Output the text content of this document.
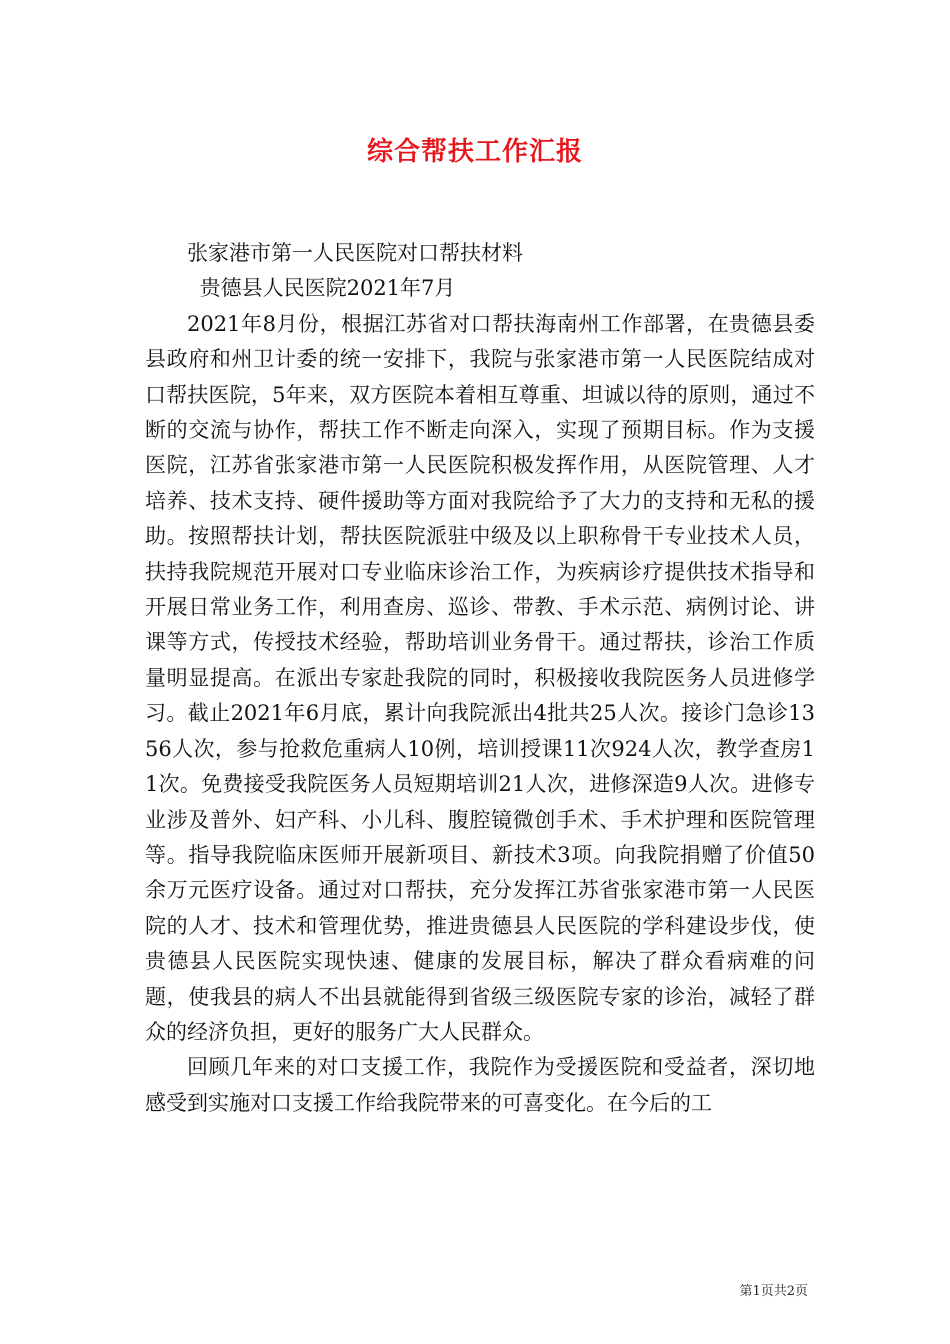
综合帮扶工作汇报

张家港市第一人民医院对口帮扶材料

贵德县人民医院2021年7月

2021年8月份，根据江苏省对口帮扶海南州工作部署，在贵德县委县政府和州卫计委的统一安排下，我院与张家港市第一人民医院结成对口帮扶医院，5年来，双方医院本着相互尊重、坦诚以待的原则，通过不断的交流与协作，帮扶工作不断走向深入，实现了预期目标。作为支援医院，江苏省张家港市第一人民医院积极发挥作用，从医院管理、人才培养、技术支持、硬件援助等方面对我院给予了大力的支持和无私的援助。按照帮扶计划，帮扶医院派驻中级及以上职称骨干专业技术人员，扶持我院规范开展对口专业临床诊治工作，为疾病诊疗提供技术指导和开展日常业务工作，利用查房、巡诊、带教、手术示范、病例讨论、讲课等方式，传授技术经验，帮助培训业务骨干。通过帮扶，诊治工作质量明显提高。在派出专家赴我院的同时，积极接收我院医务人员进修学习。截止2021年6月底，累计向我院派出4批共25人次。接诊门急诊1356人次，参与抢救危重病人10例，培训授课11次924人次，教学查房11次。免费接受我院医务人员短期培训21人次，进修深造9人次。进修专业涉及普外、妇产科、小儿科、腹腔镜微创手术、手术护理和医院管理等。指导我院临床医师开展新项目、新技术3项。向我院捐赠了价值50余万元医疗设备。通过对口帮扶，充分发挥江苏省张家港市第一人民医院的人才、技术和管理优势，推进贵德县人民医院的学科建设步伐，使贵德县人民医院实现快速、健康的发展目标，解决了群众看病难的问题，使我县的病人不出县就能得到省级三级医院专家的诊治，减轻了群众的经济负担，更好的服务广大人民群众。

回顾几年来的对口支援工作，我院作为受援医院和受益者，深切地感受到实施对口支援工作给我院带来的可喜变化。在今后的工

第1页共2页
